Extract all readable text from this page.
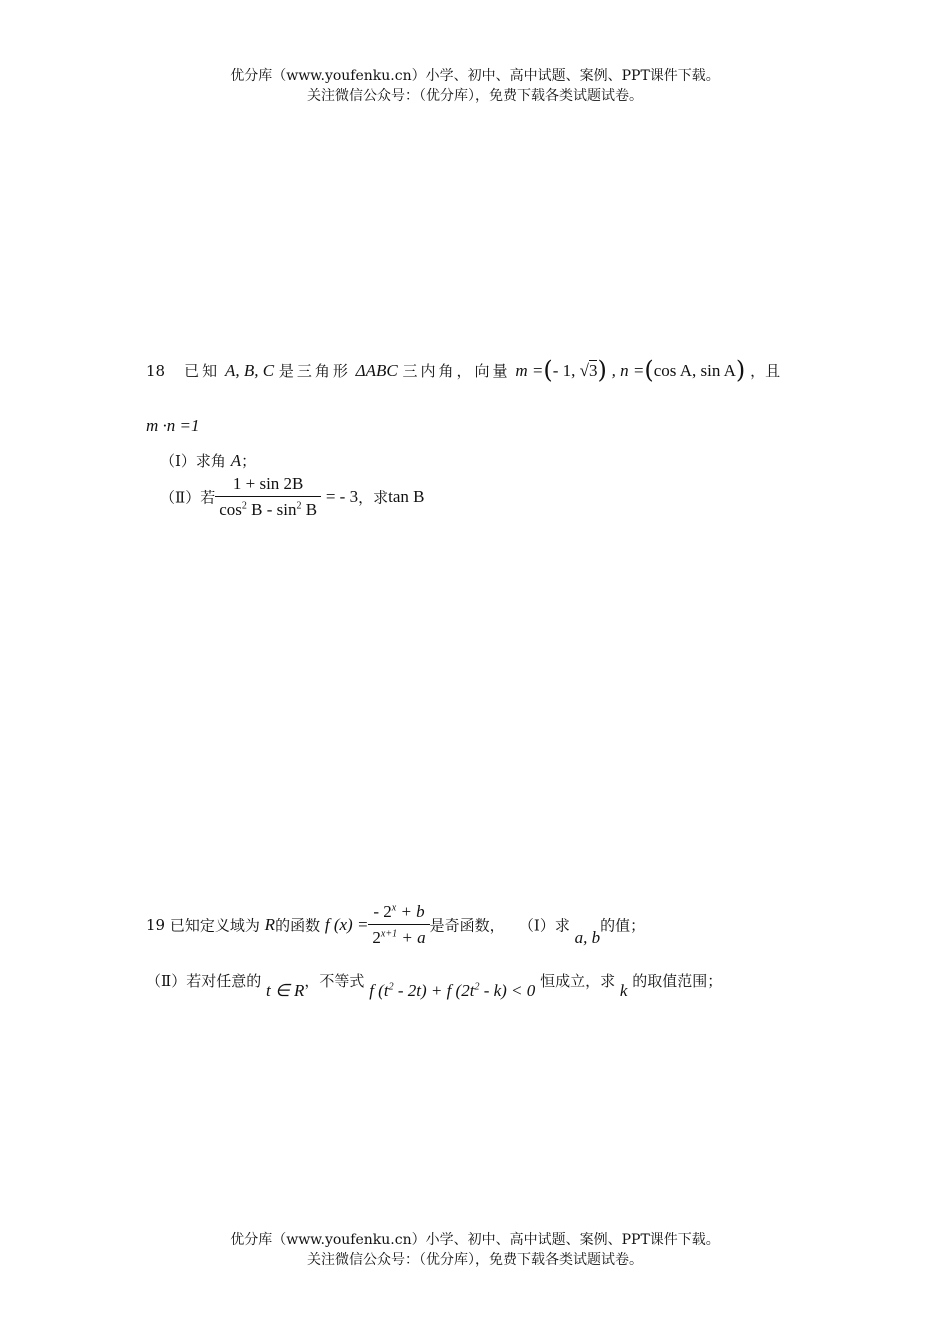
优分库（www.youfenku.cn）小学、初中、高中试题、案例、PPT课件下载。
关注微信公众号：（优分库），免费下载各类试题试卷。
18 已知 A, B, C 是三角形 ΔABC 三内角，向量 m =(- 1, √3) , n =(cos A, sin A) ，且
m ·n =1
（Ⅰ）求角 A；
（Ⅱ）若 $\frac{1 + \sin 2B}{\cos^2 B - \sin^2 B}$ = - 3，求tan B
19 已知定义域为 R的函数 f $(x) = \frac{- 2^x + b}{2^{x+1} + a}$ 是奇函数， （Ⅰ）求 a, b的值；
（Ⅱ）若对任意的 t ∈ R，不等式 f $(t^2 - 2t) + f$ $(2t^2 - k) < 0$ 恒成立，求 k 的取值范围；
优分库（www.youfenku.cn）小学、初中、高中试题、案例、PPT课件下载。
关注微信公众号：（优分库），免费下载各类试题试卷。
